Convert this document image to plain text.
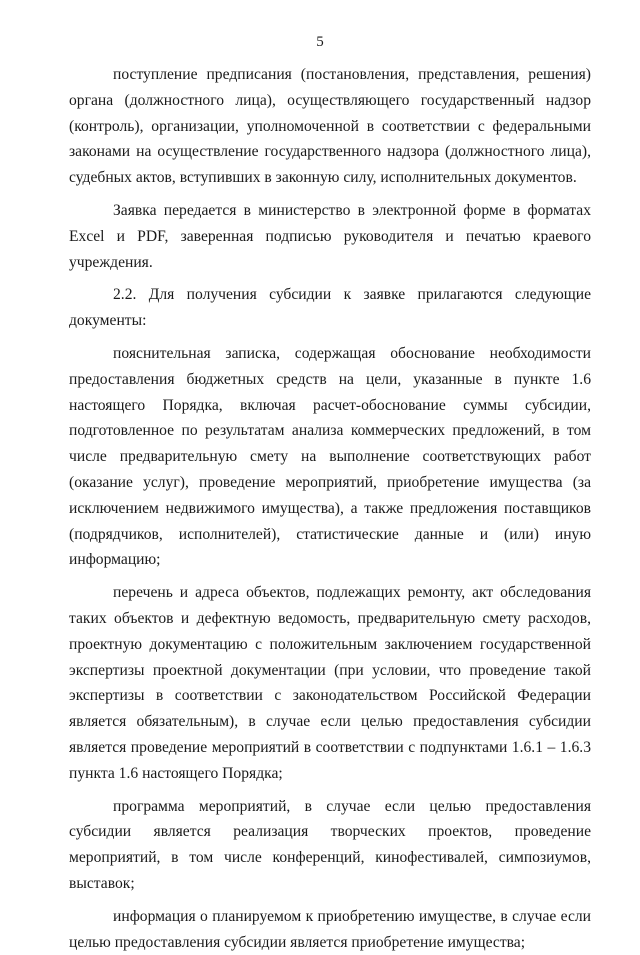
5

поступление предписания (постановления, представления, решения) органа (должностного лица), осуществляющего государственный надзор (контроль), организации, уполномоченной в соответствии с федеральными законами на осуществление государственного надзора (должностного лица), судебных актов, вступивших в законную силу, исполнительных документов.

Заявка передается в министерство в электронной форме в форматах Excel и PDF, заверенная подписью руководителя и печатью краевого учреждения.

2.2. Для получения субсидии к заявке прилагаются следующие документы:

пояснительная записка, содержащая обоснование необходимости предоставления бюджетных средств на цели, указанные в пункте 1.6 настоящего Порядка, включая расчет-обоснование суммы субсидии, подготовленное по результатам анализа коммерческих предложений, в том числе предварительную смету на выполнение соответствующих работ (оказание услуг), проведение мероприятий, приобретение имущества (за исключением недвижимого имущества), а также предложения поставщиков (подрядчиков, исполнителей), статистические данные и (или) иную информацию;

перечень и адреса объектов, подлежащих ремонту, акт обследования таких объектов и дефектную ведомость, предварительную смету расходов, проектную документацию с положительным заключением государственной экспертизы проектной документации (при условии, что проведение такой экспертизы в соответствии с законодательством Российской Федерации является обязательным), в случае если целью предоставления субсидии является проведение мероприятий в соответствии с подпунктами 1.6.1 – 1.6.3 пункта 1.6 настоящего Порядка;

программа мероприятий, в случае если целью предоставления субсидии является реализация творческих проектов, проведение мероприятий, в том числе конференций, кинофестивалей, симпозиумов, выставок;

информация о планируемом к приобретению имуществе, в случае если целью предоставления субсидии является приобретение имущества;
